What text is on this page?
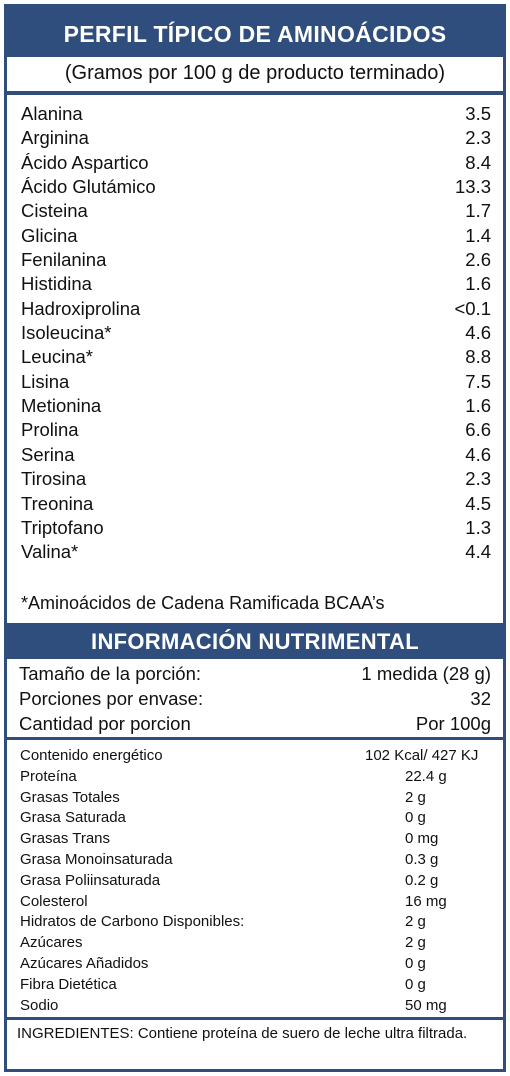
PERFIL TÍPICO DE AMINOÁCIDOS
(Gramos por 100 g de producto terminado)
Alanina	3.5
Arginina	2.3
Ácido Aspartico	8.4
Ácido Glutámico	13.3
Cisteina	1.7
Glicina	1.4
Fenilanina	2.6
Histidina	1.6
Hadroxiprolina	<0.1
Isoleucina*	4.6
Leucina*	8.8
Lisina	7.5
Metionina	1.6
Prolina	6.6
Serina	4.6
Tirosina	2.3
Treonina	4.5
Triptofano	1.3
Valina*	4.4
*Aminoácidos de Cadena Ramificada BCAA’s
INFORMACIÓN NUTRIMENTAL
Tamaño de la porción:	1 medida (28 g)
Porciones por envase:	32
Cantidad por porcion	Por 100g
Contenido energético	102 Kcal/ 427 KJ
Proteína	22.4 g
Grasas Totales	2 g
Grasa Saturada	0 g
Grasas Trans	0 mg
Grasa Monoinsaturada	0.3 g
Grasa Poliinsaturada	0.2 g
Colesterol	16 mg
Hidratos de Carbono Disponibles:	2 g
Azúcares	2 g
Azúcares Añadidos	0 g
Fibra Dietética	0 g
Sodio	50 mg
INGREDIENTES: Contiene proteína de suero de leche ultra filtrada.
